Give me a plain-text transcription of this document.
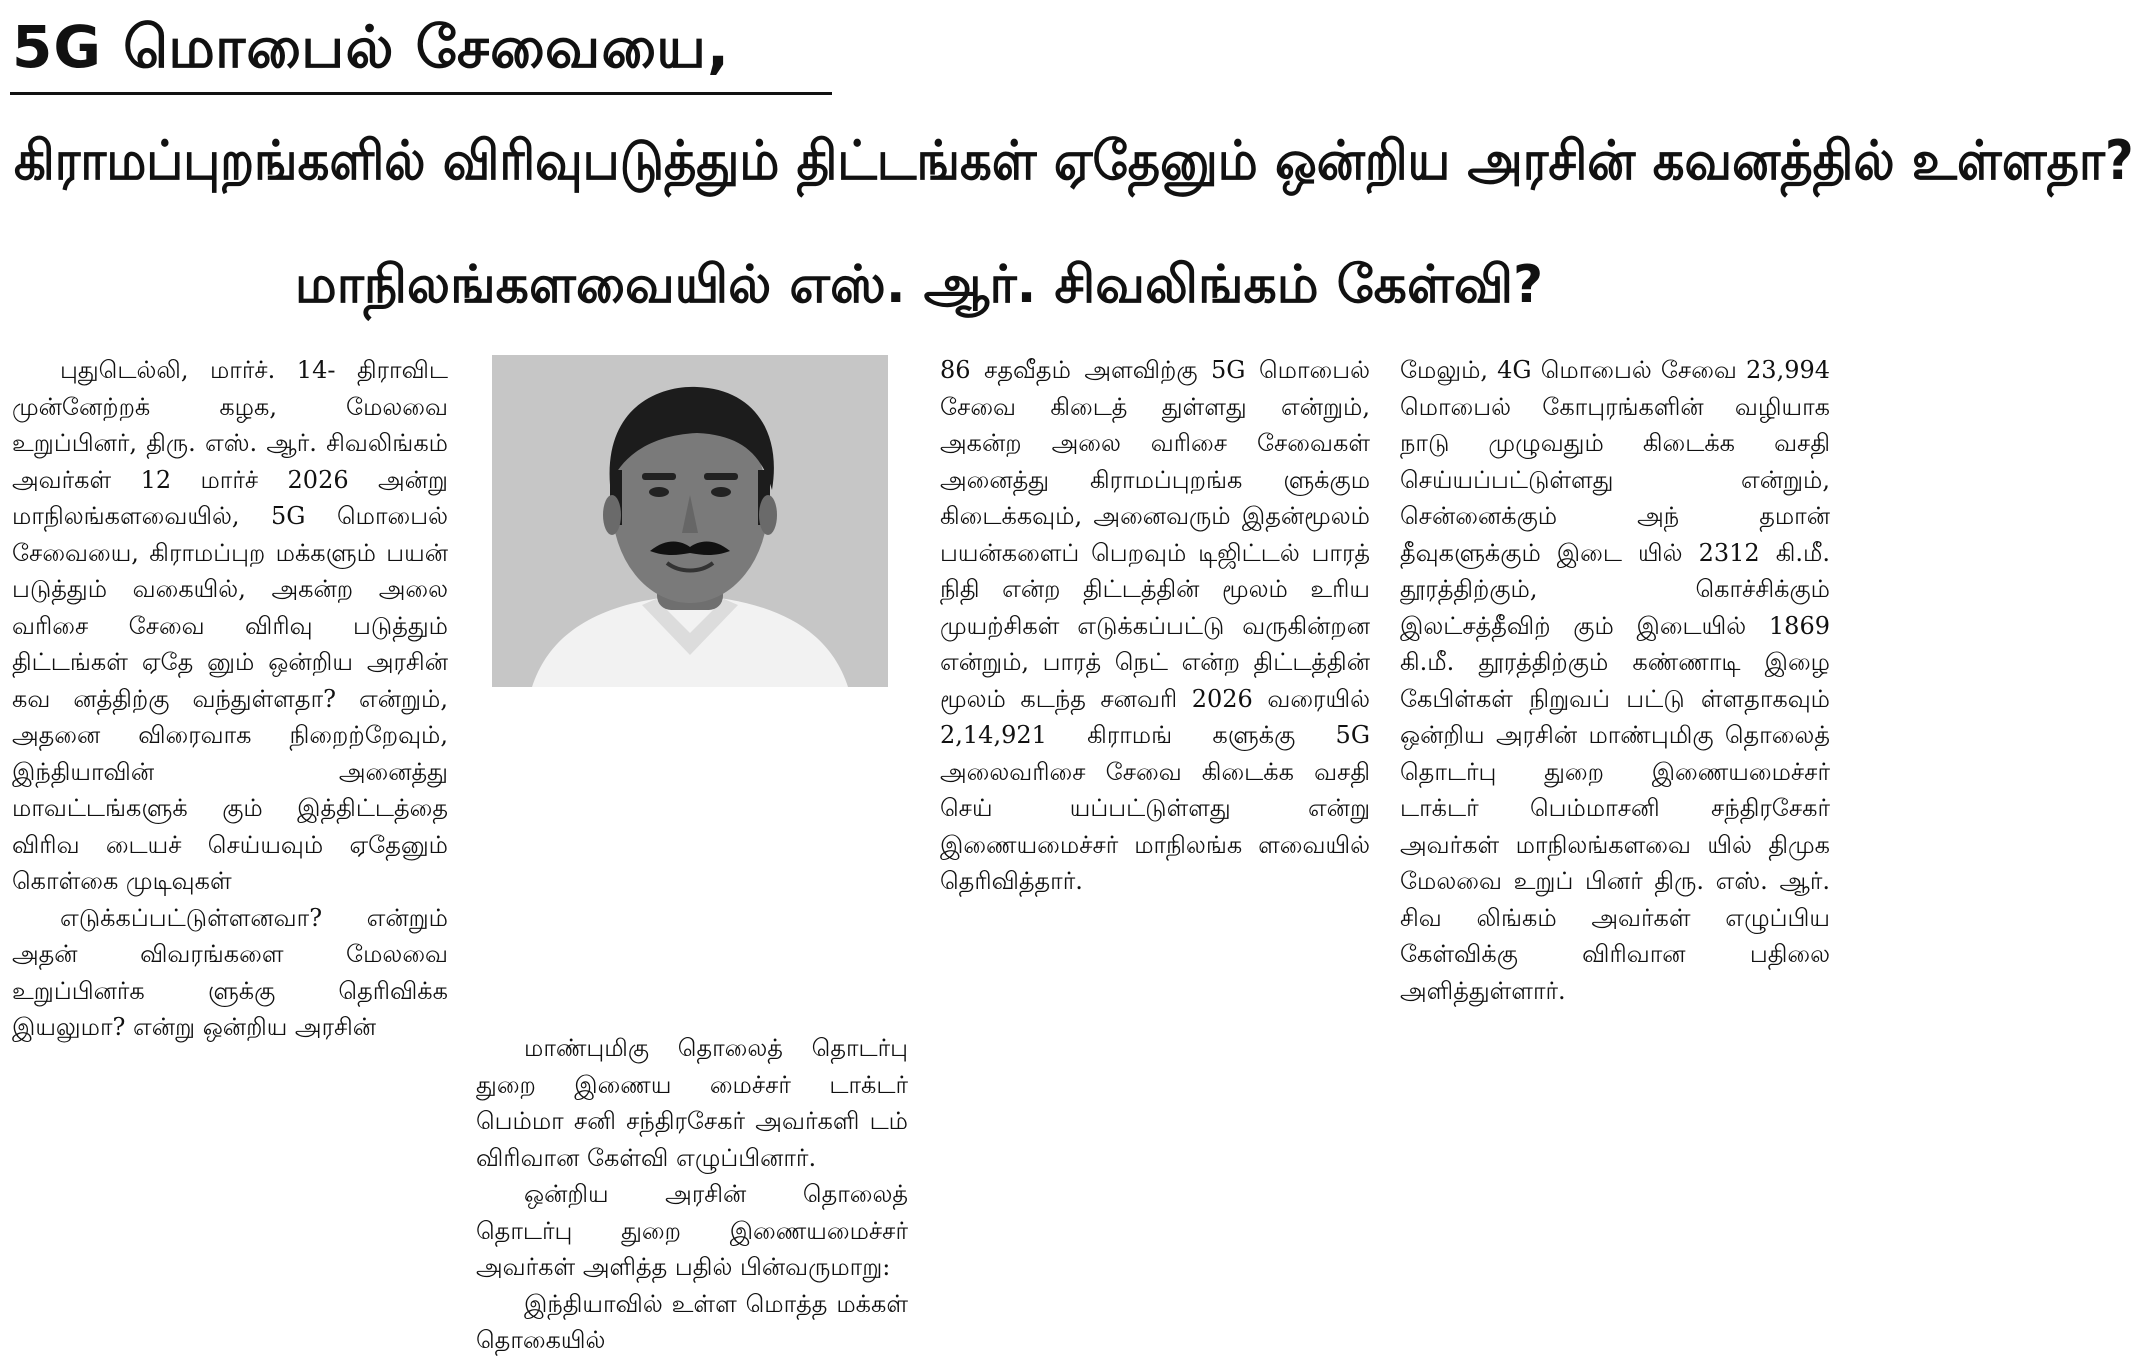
5G மொபைல் சேவையை,
கிராமப்புறங்களில் விரிவுபடுத்தும் திட்டங்கள் ஏதேனும் ஒன்றிய அரசின் கவனத்தில் உள்ளதா?
மாநிலங்களவையில் எஸ். ஆர். சிவலிங்கம் கேள்வி?

புதுடெல்லி, மார்ச். 14- திராவிட முன்னேற்றக் கழக, மேலவை உறுப்பினர், திரு. எஸ். ஆர். சிவலிங்கம் அவர்கள் 12 மார்ச் 2026 அன்று மாநிலங்களவையில், 5G மொபைல் சேவையை, கிராமப்புற மக்களும் பயன் படுத்தும் வகையில், அகன்ற அலை வரிசை சேவை விரிவு படுத்தும் திட்டங்கள் ஏதே னும் ஒன்றிய அரசின் கவ னத்திற்கு வந்துள்ளதா? என்றும், அதனை விரைவாக நிறைற்றேவும், இந்தியாவின் அனைத்து மாவட்டங்களுக் கும் இத்திட்டத்தை விரிவ டையச் செய்யவும் ஏதேனும் கொள்கை முடிவுகள்

எடுக்கப்பட்டுள்ளனவா? என்றும் அதன் விவரங்களை மேலவை உறுப்பினர்க ளுக்கு தெரிவிக்க இயலுமா? என்று ஒன்றிய அரசின்

மாண்புமிகு தொலைத் தொடர்பு துறை இணைய மைச்சர் டாக்டர் பெம்மா சனி சந்திரசேகர் அவர்களி டம் விரிவான கேள்வி எழுப்பினார்.

ஒன்றிய அரசின் தொலைத் தொடர்பு துறை இணையமைச்சர் அவர்கள் அளித்த பதில் பின்வருமாறு:

இந்தியாவில் உள்ள மொத்த மக்கள் தொகையில்

86 சதவீதம் அளவிற்கு 5G மொபைல் சேவை கிடைத் துள்ளது என்றும், அகன்ற அலை வரிசை சேவைகள் அனைத்து கிராமப்புறங்க ளுக்கும கிடைக்கவும், அனைவரும் இதன்மூலம் பயன்களைப் பெறவும் டிஜிட்டல் பாரத் நிதி என்ற திட்டத்தின் மூலம் உரிய முயற்சிகள் எடுக்கப்பட்டு வருகின்றன என்றும், பாரத் நெட் என்ற திட்டத்தின் மூலம் கடந்த சனவரி 2026 வரையில் 2,14,921 கிராமங் களுக்கு 5G அலைவரிசை சேவை கிடைக்க வசதி செய் யப்பட்டுள்ளது என்று இணையமைச்சர் மாநிலங்க ளவையில் தெரிவித்தார்.

மேலும், 4G மொபைல் சேவை 23,994 மொபைல் கோபுரங்களின் வழியாக நாடு முழுவதும் கிடைக்க வசதி செய்யப்பட்டுள்ளது என்றும், சென்னைக்கும் அந் தமான் தீவுகளுக்கும் இடை யில் 2312 கி.மீ. தூரத்திற்கும், கொச்சிக்கும் இலட்சத்தீவிற் கும் இடையில் 1869 கி.மீ. தூரத்திற்கும் கண்ணாடி இழை கேபிள்கள் நிறுவப் பட்டு ள்ளதாகவும் ஒன்றிய அரசின் மாண்புமிகு தொலைத் தொடர்பு துறை இணையமைச்சர் டாக்டர் பெம்மாசனி சந்திரசேகர் அவர்கள் மாநிலங்களவை யில் திமுக மேலவை உறுப் பினர் திரு. எஸ். ஆர். சிவ லிங்கம் அவர்கள் எழுப்பிய கேள்விக்கு விரிவான பதிலை அளித்துள்ளார்.
